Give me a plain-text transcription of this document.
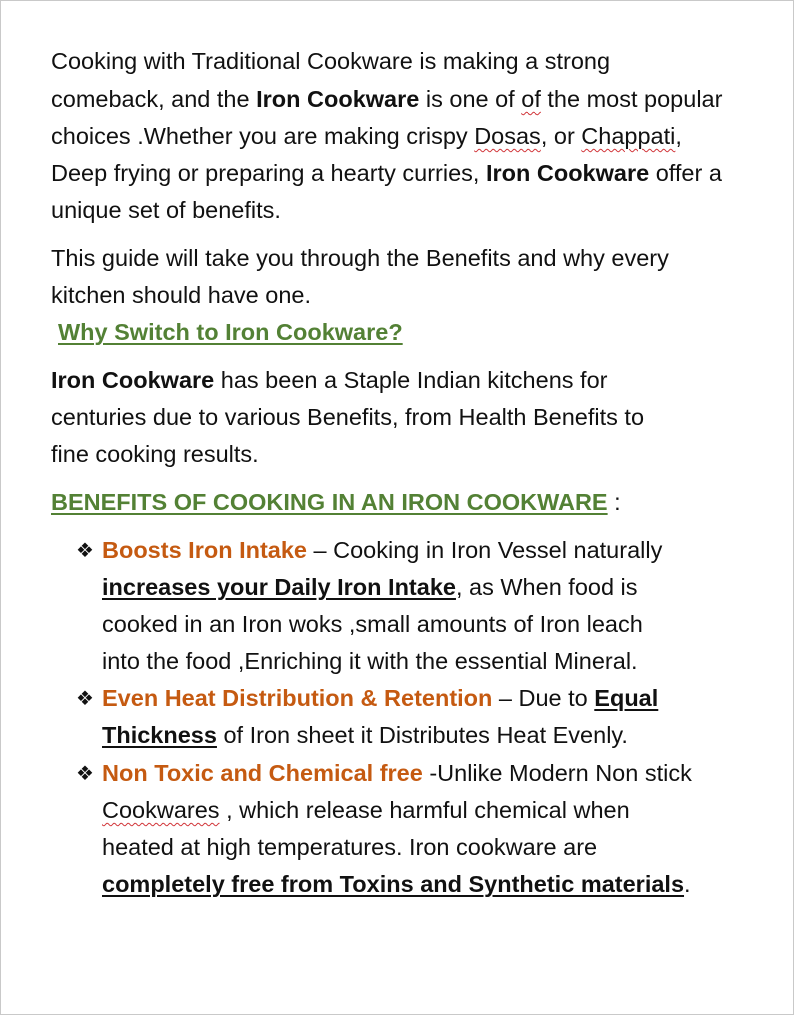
Cooking with Traditional Cookware is making a strong
comeback, and the Iron Cookware is one of of the most popular
choices .Whether you are making crispy Dosas, or Chappati,
Deep frying or preparing a hearty curries, Iron Cookware offer a
unique set of benefits.
This guide will take you through the Benefits and why every
kitchen should have one.
Why Switch to Iron Cookware?
Iron Cookware has been a Staple Indian kitchens for
centuries due to various Benefits, from Health Benefits to
fine cooking results.
BENEFITS OF COOKING IN AN IRON COOKWARE :
❖ Boosts Iron Intake – Cooking in Iron Vessel naturally
increases your Daily Iron Intake, as When food is
cooked in an Iron woks ,small amounts of Iron leach
into the food ,Enriching it with the essential Mineral.
❖ Even Heat Distribution & Retention – Due to Equal
Thickness of Iron sheet it Distributes Heat Evenly.
❖ Non Toxic and Chemical free -Unlike Modern Non stick
Cookwares , which release harmful chemical when
heated at high temperatures. Iron cookware are
completely free from Toxins and Synthetic materials.
